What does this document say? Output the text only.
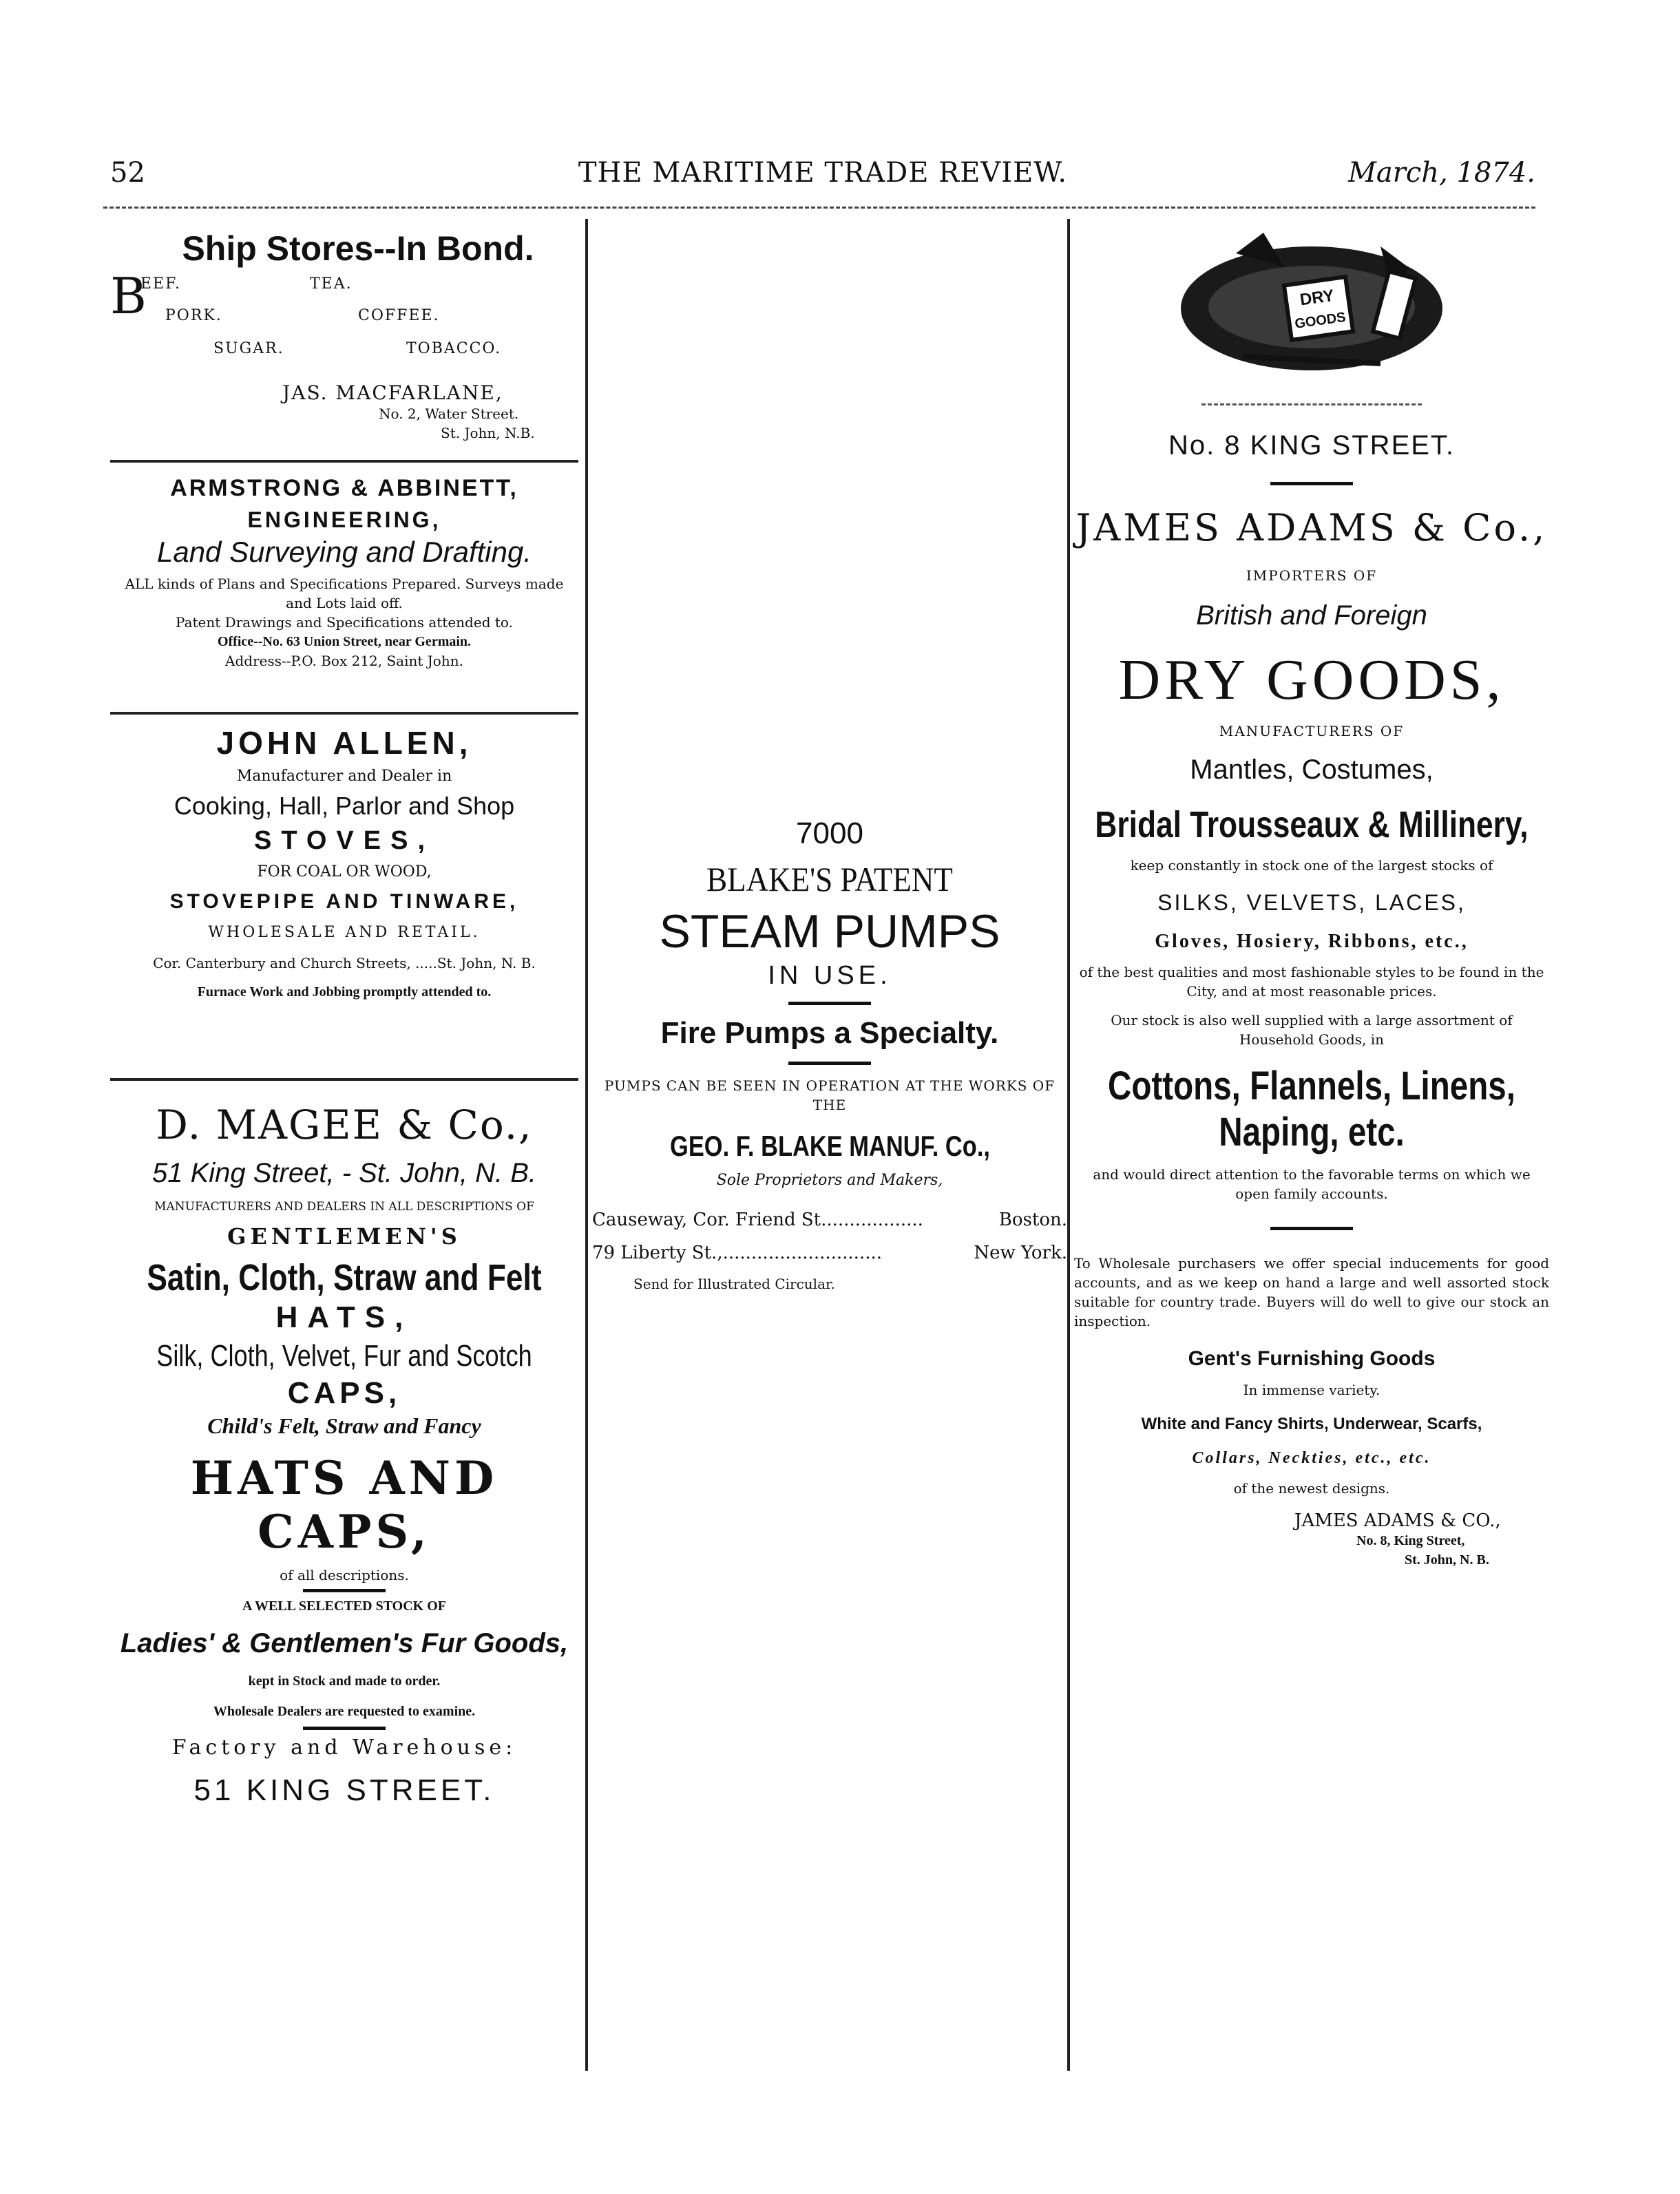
52	THE MARITIME TRADE REVIEW.	March, 1874.
Ship Stores--In Bond.
B
EEF.	TEA.
PORK.	COFFEE.
SUGAR.	TOBACCO.
JAS. MACFARLANE,
No. 2, Water Street.
St. John, N.B.
ARMSTRONG & ABBINETT,
ENGINEERING,
Land Surveying and Drafting.
ALL kinds of Plans and Specifications Prepared. Surveys made and Lots laid off.
Patent Drawings and Specifications attended to.
Office--No. 63 Union Street, near Germain.
Address--P.O. Box 212, Saint John.
JOHN ALLEN,
Manufacturer and Dealer in
Cooking, Hall, Parlor and Shop
STOVES,
FOR COAL OR WOOD,
STOVEPIPE AND TINWARE,
WHOLESALE AND RETAIL.
Cor. Canterbury and Church Streets, .....St. John, N. B.
Furnace Work and Jobbing promptly attended to.
D. MAGEE & Co.,
51 King Street, - St. John, N. B.
MANUFACTURERS AND DEALERS IN ALL DESCRIPTIONS OF
GENTLEMEN'S
Satin, Cloth, Straw and Felt
HATS,
Silk, Cloth, Velvet, Fur and Scotch
CAPS,
Child's Felt, Straw and Fancy
HATS AND CAPS,
of all descriptions.
A WELL SELECTED STOCK OF
Ladies' & Gentlemen's Fur Goods,
kept in Stock and made to order.
Wholesale Dealers are requested to examine.
Factory and Warehouse:
51 KING STREET.
7000
BLAKE'S PATENT
STEAM PUMPS
IN USE.
Fire Pumps a Specialty.
PUMPS CAN BE SEEN IN OPERATION AT THE WORKS OF THE
GEO. F. BLAKE MANUF. Co.,
Sole Proprietors and Makers,
Causeway, Cor. Friend St..................	Boston.
79 Liberty St.,............................	New York.
Send for Illustrated Circular.
DRY
GOODS
No. 8 KING STREET.
JAMES ADAMS & Co.,
IMPORTERS OF
British and Foreign
DRY GOODS,
MANUFACTURERS OF
Mantles, Costumes,
Bridal Trousseaux & Millinery,
keep constantly in stock one of the largest stocks of
SILKS, VELVETS, LACES,
Gloves, Hosiery, Ribbons, etc.,
of the best qualities and most fashionable styles to be found in the City, and at most reasonable prices.
Our stock is also well supplied with a large assortment of Household Goods, in
Cottons, Flannels, Linens, Naping, etc.
and would direct attention to the favorable terms on which we open family accounts.
To Wholesale purchasers we offer special inducements for good accounts, and as we keep on hand a large and well assorted stock suitable for country trade. Buyers will do well to give our stock an inspection.
Gent's Furnishing Goods
In immense variety.
White and Fancy Shirts, Underwear, Scarfs,
Collars, Neckties, etc., etc.
of the newest designs.
JAMES ADAMS & CO.,
No. 8, King Street,
St. John, N. B.
